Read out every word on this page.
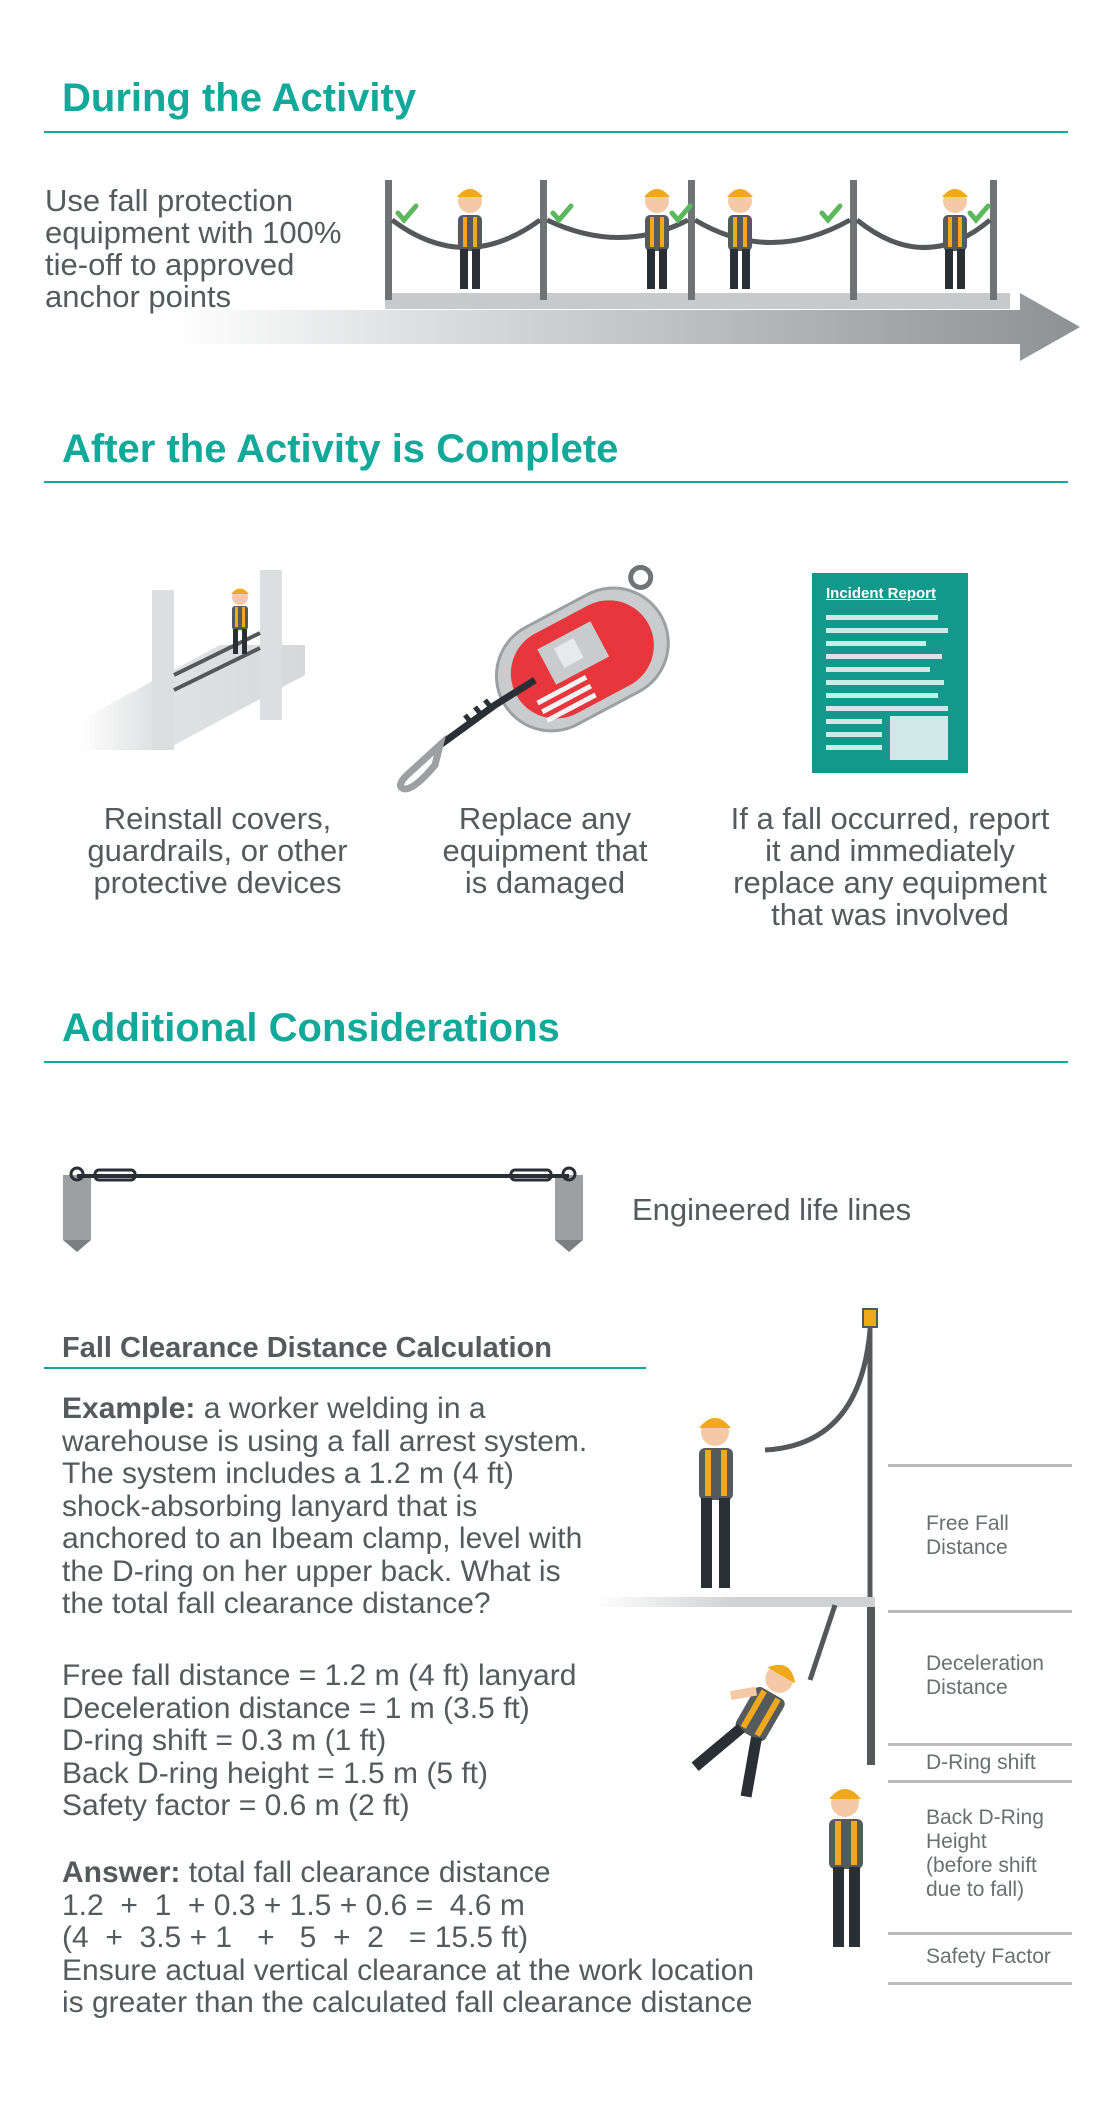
During the Activity
Use fall protection
equipment with 100%
tie-off to approved
anchor points
After the Activity is Complete
Incident Report
Reinstall covers,
guardrails, or other
protective devices
Replace any
equipment that
is damaged
If a fall occurred, report
it and immediately
replace any equipment
that was involved
Additional Considerations
Engineered life lines
Fall Clearance Distance Calculation
Example: a worker welding in a
warehouse is using a fall arrest system.
The system includes a 1.2 m (4 ft)
shock-absorbing lanyard that is
anchored to an Ibeam clamp, level with
the D-ring on her upper back. What is
the total fall clearance distance?
Free fall distance = 1.2 m (4 ft) lanyard
Deceleration distance = 1 m (3.5 ft)
D-ring shift = 0.3 m (1 ft)
Back D-ring height = 1.5 m (5 ft)
Safety factor = 0.6 m (2 ft)
Answer: total fall clearance distance
1.2  +  1  + 0.3 + 1.5 + 0.6 =  4.6 m
(4  +  3.5 + 1   +   5  +  2   = 15.5 ft)
Ensure actual vertical clearance at the work location
is greater than the calculated fall clearance distance
Free Fall
Distance
Deceleration
Distance
D-Ring shift
Back D-Ring
Height
(before shift
due to fall)
Safety Factor
